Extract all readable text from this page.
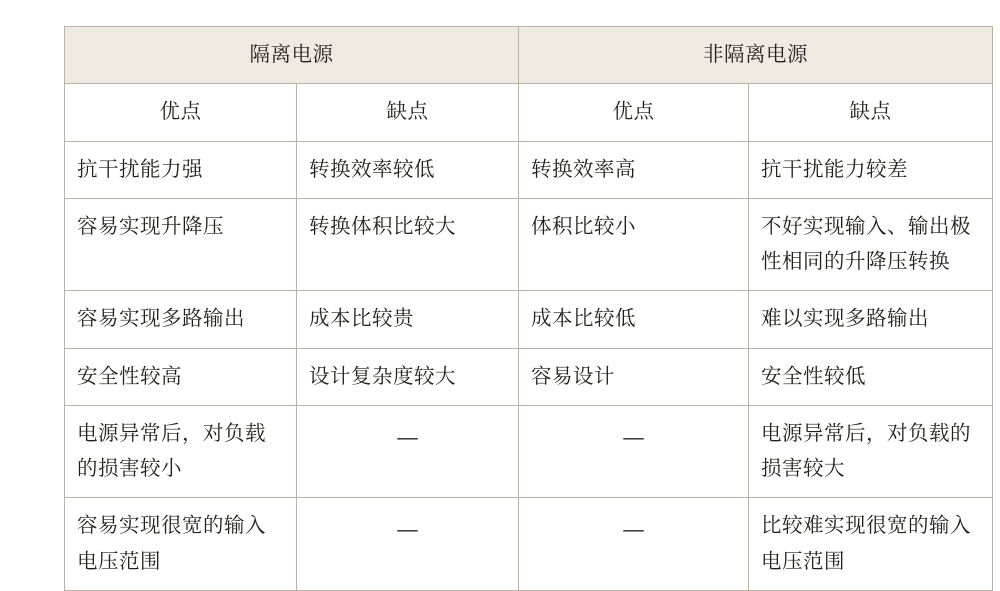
隔离电源		非隔离电源	
优点	缺点	优点	缺点
抗干扰能力强	转换效率较低	转换效率高	抗干扰能力较差
容易实现升降压	转换体积比较大	体积比较小	不好实现输入、输出极性相同的升降压转换
容易实现多路输出	成本比较贵	成本比较低	难以实现多路输出
安全性较高	设计复杂度较大	容易设计	安全性较低
电源异常后，对负载的损害较小	—	—	电源异常后，对负载的损害较大
容易实现很宽的输入电压范围	—	—	比较难实现很宽的输入电压范围
